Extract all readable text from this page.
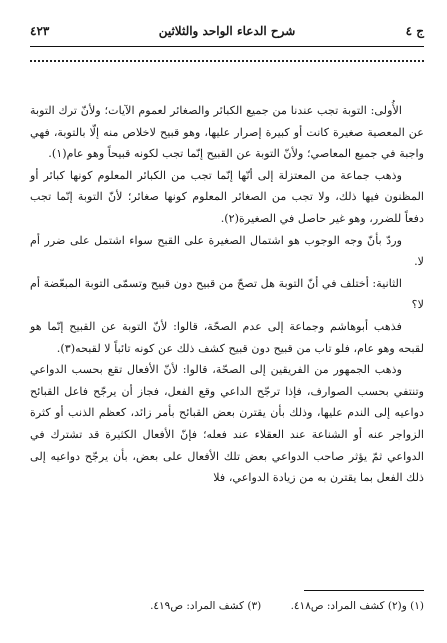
ج ٤
شرح الدعاء الواحد والثلاثين
٤٢٣

الأُولى: التوبة تجب عندنا من جميع الكبائر والصغائر لعموم الآيات؛ ولأنّ ترك التوبة عن المعصية صغيرة كانت أو كبيرة إصرار عليها، وهو قبيح لاخلاص منه إلّا بالتوبة، فهي واجبة في جميع المعاصي؛ ولأنّ التوبة عن القبيح إنّما تجب لكونه قبيحاً وهو عام(١).

وذهب جماعة من المعتزلة إلى أنّها إنّما تجب من الكبائر المعلوم كونها كبائر أو المظنون فيها ذلك، ولا تجب من الصغائر المعلوم كونها صغائر؛ لأنّ التوبة إنّما تجب دفعاً للضرر، وهو غير حاصل في الصغيرة(٢).

وردّ بأنّ وجه الوجوب هو اشتمال الصغيرة على القبح سواء اشتمل على ضرر أم لا.

الثانية: أختلف في أنّ التوبة هل تصحّ من قبيح دون قبيح وتسمّى التوبة المبعّضة أم لا؟

فذهب أبوهاشم وجماعة إلى عدم الصحّة، قالوا: لأنّ التوبة عن القبيح إنّما هو لقبحه وهو عام، فلو تاب من قبيح دون قبيح كشف ذلك عن كونه تائباً لا لقبحه(٣).

وذهب الجمهور من الفريقين إلى الصحّة، قالوا: لأنّ الأفعال تقع بحسب الدواعي وتنتفي بحسب الصوارف، فإذا ترجّح الداعي وقع الفعل، فجاز أن يرجّح فاعل القبائح دواعيه إلى الندم عليها، وذلك بأن يقترن بعض القبائح بأمر زائد، كعظم الذنب أو كثرة الزواجر عنه أو الشناعة عند العقلاء عند فعله؛ فإنّ الأفعال الكثيرة قد تشترك في الدواعي ثمّ يؤثر صاحب الدواعي بعض تلك الأفعال على بعض، بأن يرجّح دواعيه إلى ذلك الفعل بما يقترن به من زيادة الدواعي، فلا

(١) و(٢) كشف المراد: ص٤١٨. (٣) كشف المراد: ص٤١٩.
